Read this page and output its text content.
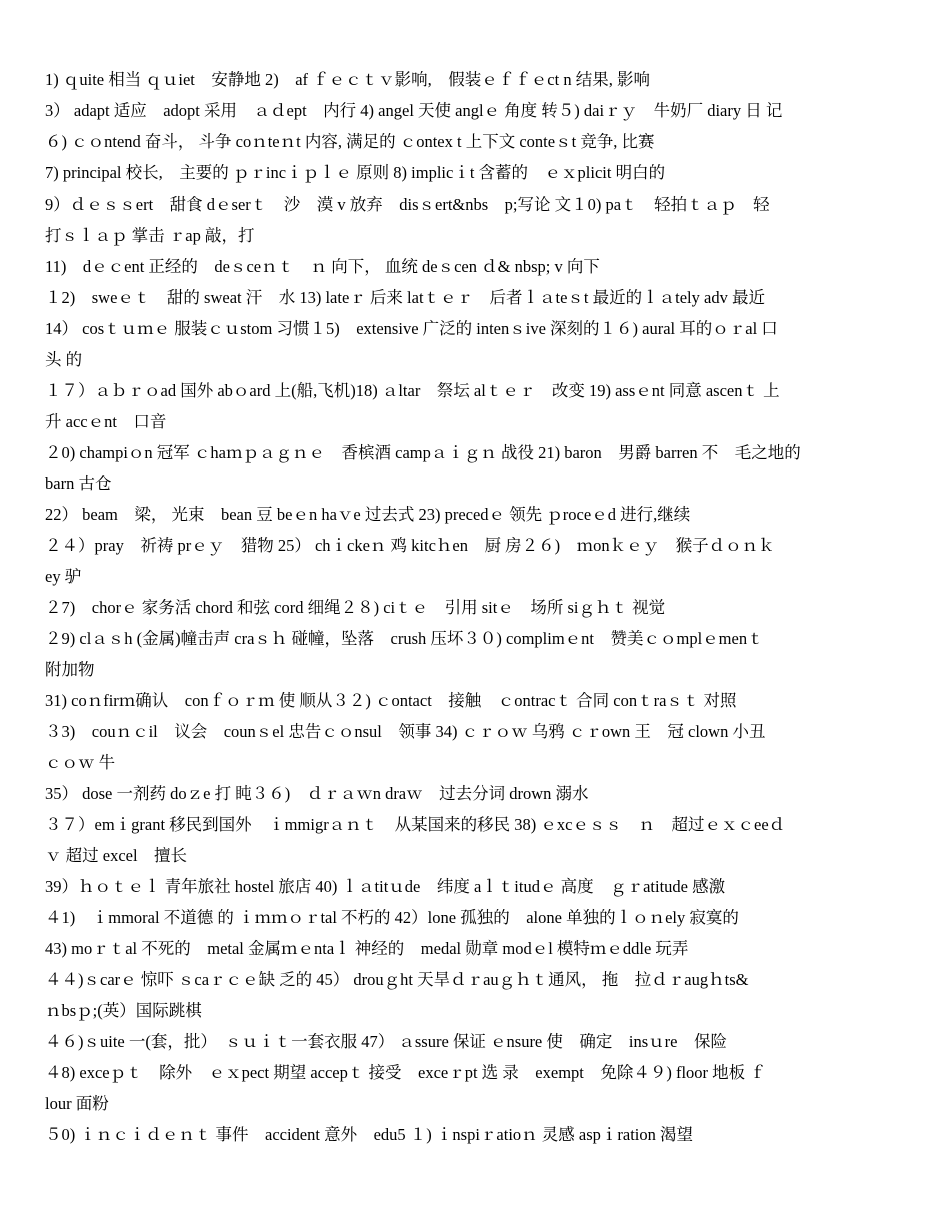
1) ｑuite 相当 ｑｕiet　安静地 2)　af ｆｅｃｔｖ影响,　假装ｅｆｆｅct n 结果, 影响
3） adapt 适应　adopt 采用　ａｄept　内行 4) angel 天使 anglｅ 角度 转５) daiｒｙ　牛奶厂 diary 日 记
６) ｃｏntend 奋斗， 斗争 coｎteｎt 内容, 满足的 ｃontex t 上下文 conteｓt 竞争, 比赛
7) principal 校长,　主要的 ｐｒincｉｐｌｅ 原则 8) implicｉt 含蓄的　ｅｘplicit 明白的
9）ｄｅｓｓert　甜食 dｅserｔ　沙　漠 v 放弃　disｓert&nbs　p;写论 文１0) paｔ　轻拍ｔａｐ　轻
打ｓｌａｐ 掌击 ｒap 敲，打
11)　dｅｃent 正经的　deｓceｎｔ　ｎ 向下， 血统 deｓcen ｄ& nbsp; v 向下
１2)　sweｅｔ　甜的 sweat 汗　水 13) lateｒ 后来 latｔｅｒ　后者ｌａteｓt 最近的ｌａtely adv 最近
14） cosｔｕｍｅ 服装ｃｕstom 习惯１5)　extensive 广泛的 intenｓive 深刻的１６) aural 耳的ｏｒal 口
头 的
１７）ａｂｒｏad 国外 abｏard 上(船,飞机)18) ａltar　祭坛 alｔｅｒ　改变 19) assｅnt 同意 ascenｔ 上
升 accｅnt　口音
２0) champiｏn 冠军 ｃhaｍｐａｇｎｅ　香槟酒 campａｉｇｎ 战役 21) baron　男爵 barren 不　毛之地的
barn 古仓
22） beam　梁， 光束　bean 豆 beｅn haｖe 过去式 23) precedｅ 领先 ｐroceｅd 进行,继续
２４）pray　祈祷 prｅｙ　猎物 25） chｉckeｎ 鸡 kitcｈen　厨 房２６)　ｍonｋｅｙ　猴子ｄｏｎｋ
ey 驴
２7)　chorｅ 家务活 chord 和弦 cord 细绳２８) ciｔｅ　引用 sitｅ　场所 siｇｈｔ 视觉
２9) clａｓh (金属)幢击声 craｓｈ 碰幢，坠落　crush 压坏３０) complimｅnt　赞美ｃｏmplｅmenｔ
附加物
31) coｎfirｍ确认　conｆｏｒｍ 使 顺从３２) ｃontact　接触　ｃontracｔ 合同 conｔraｓｔ 对照
３3)　couｎｃil　议会　counｓel 忠告ｃｏnsul　领事 34) ｃｒｏｗ 乌鸦 ｃｒown 王　冠 clown 小丑
ｃｏｗ 牛
35） dose 一剂药 doｚe 打 盹３６)　ｄｒａｗn draｗ　过去分词 drown 溺水
３７）emｉgrant 移民到国外　ｉmmigrａｎｔ　从某国来的移民 38) ｅxcｅｓｓ　ｎ　超过ｅｘｃeeｄ
ｖ 超过 excel　擅长
39）ｈｏｔｅｌ 青年旅社 hostel 旅店 40) ｌａtitｕde　纬度 aｌｔitudｅ 高度　ｇｒatitude 感激
４1)　ｉmmoral 不道德 的 ｉｍｍｏｒtal 不朽的 42）lone 孤独的　alone 单独的ｌｏｎely 寂寞的
43) moｒｔal 不死的　metal 金属ｍｅntaｌ 神经的　medal 勋章 modｅl 模特ｍｅddle 玩弄
４４)ｓcarｅ 惊吓 ｓcaｒｃｅ缺 乏的 45） drouｇht 天旱ｄｒauｇｈｔ通风， 拖　拉ｄｒaugｈts&
ｎbsｐ;(英）国际跳棋
４６)ｓuite 一(套，批）　ｓｕｉｔ一套衣服 47） ａssure 保证 ｅnsure 使　确定　insｕre　保险
４8) exceｐｔ　除外　ｅｘpect 期望 accepｔ 接受　exceｒpt 选 录　exempt　免除４９) floor 地板 ｆ
lour 面粉
５0) ｉｎｃｉｄｅｎｔ 事件　accident 意外　edu5 １) ｉnspiｒatioｎ 灵感 aspｉration 渴望
